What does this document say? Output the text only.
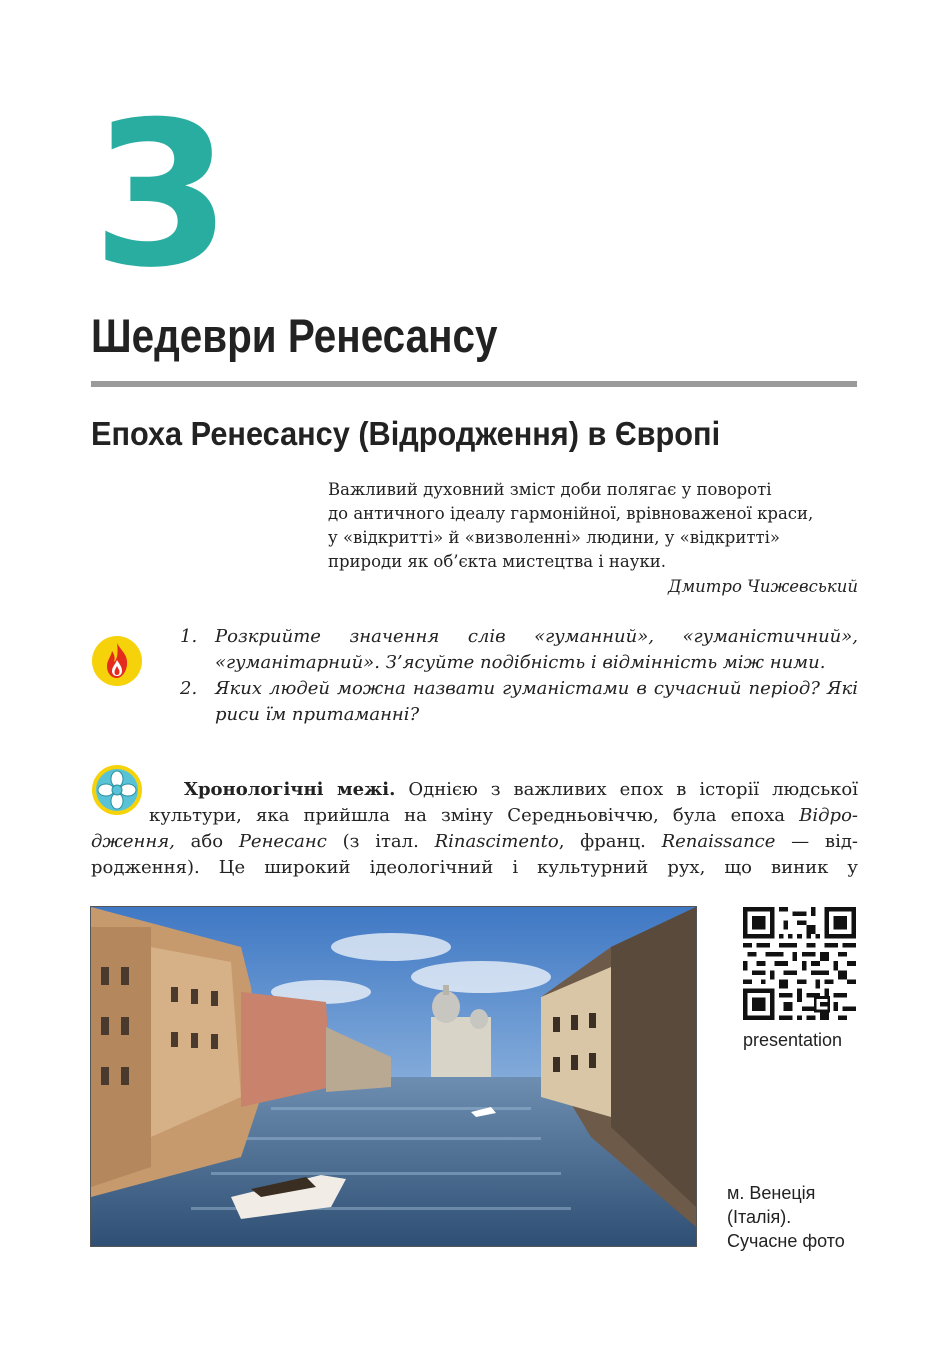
3
Шедеври Ренесансу
Епоха Ренесансу (Відродження) в Європі
Важливий духовний зміст доби полягає у повороті
до античного ідеалу гармонійної, врівноваженої краси,
у «відкритті» й «визволенні» людини, у «відкритті»
природи як об’єкта мистецтва і науки.
Дмитро Чижевський
1. Розкрийте значення слів «гуманний», «гуманістичний», «гуманітарний». З’ясуйте подібність і відмінність між ними.
2. Яких людей можна назвати гуманістами в сучасний період? Які риси їм притаманні?
Хронологічні межі. Однією з важливих епох в історії людської
культури, яка прийшла на зміну Середньовіччю, була епоха Відро-
дження, або Ренесанс (з італ. Rinascimento, франц. Renaissance — від-
родження). Це широкий ідеологічний і культурний рух, що виник у
presentation
м. Венеція
(Італія).
Сучасне фото
